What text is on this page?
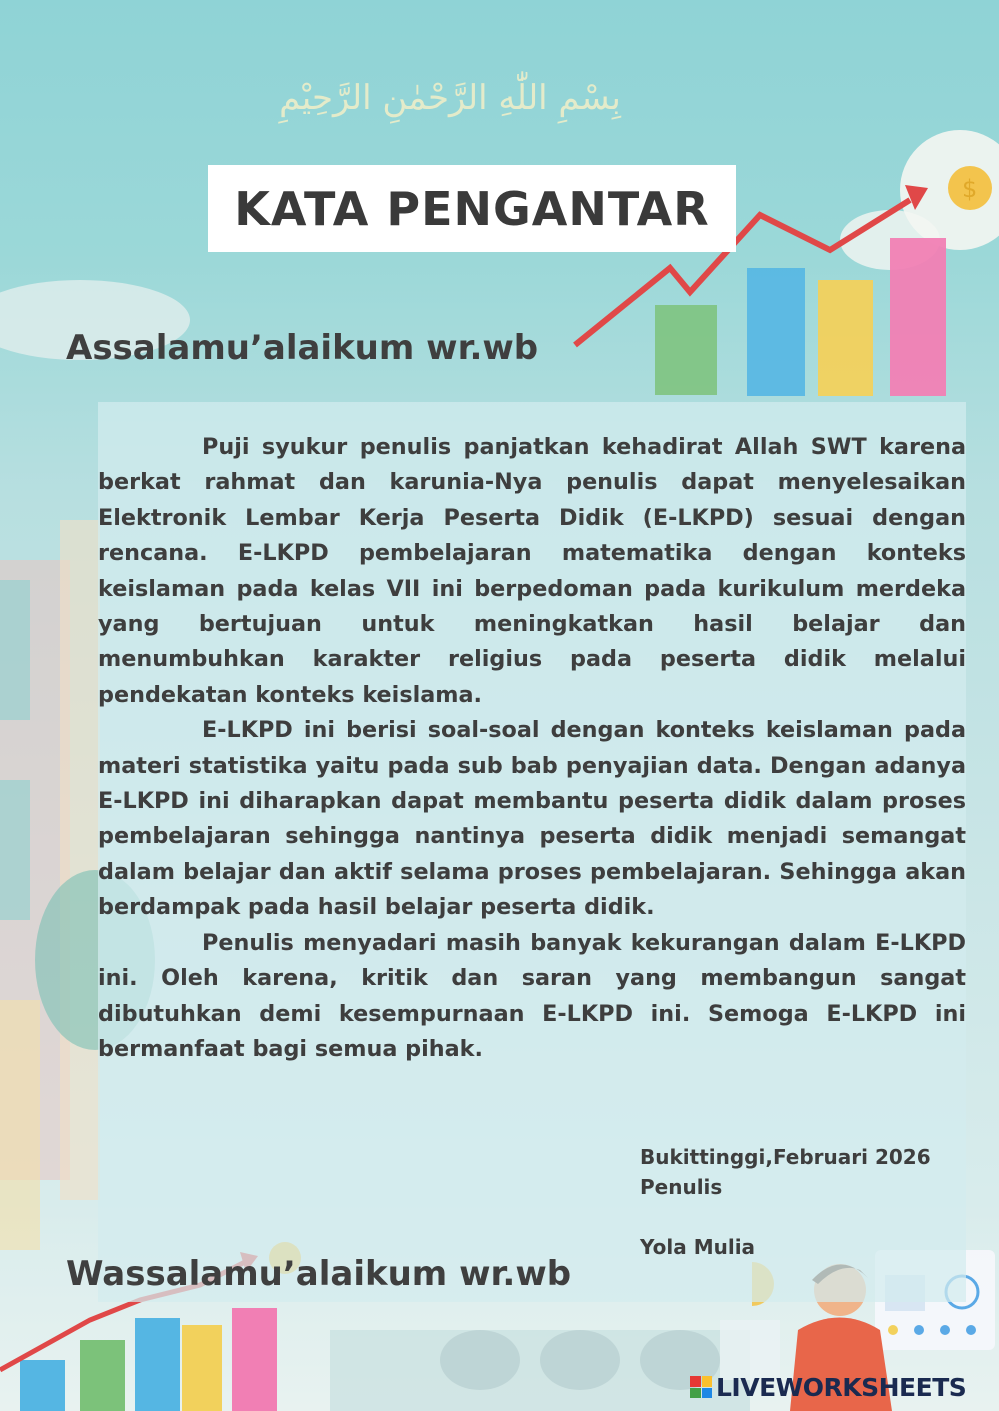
$
بِسْمِ اللّٰهِ الرَّحْمٰنِ الرَّحِيْمِ
KATA PENGANTAR
Assalamu’alaikum wr.wb

Puji syukur penulis panjatkan kehadirat Allah SWT karena berkat rahmat dan karunia-Nya penulis dapat menyelesaikan Elektronik Lembar Kerja Peserta Didik (E-LKPD) sesuai dengan rencana. E-LKPD pembelajaran matematika dengan konteks keislaman pada kelas VII ini berpedoman pada kurikulum merdeka yang bertujuan untuk meningkatkan hasil belajar dan menumbuhkan karakter religius pada peserta didik melalui pendekatan konteks keislama.

E-LKPD ini berisi soal-soal dengan konteks keislaman pada materi statistika yaitu pada sub bab penyajian data. Dengan adanya E-LKPD ini diharapkan dapat membantu peserta didik dalam proses pembelajaran sehingga nantinya peserta didik menjadi semangat dalam belajar dan aktif selama proses pembelajaran. Sehingga akan berdampak pada hasil belajar peserta didik.

Penulis menyadari masih banyak kekurangan dalam E-LKPD ini. Oleh karena, kritik dan saran yang membangun sangat dibutuhkan demi kesempurnaan E-LKPD ini. Semoga E-LKPD ini bermanfaat bagi semua pihak.

Bukittinggi,Februari 2026
Penulis
Yola Mulia
Wassalamu’alaikum wr.wb
LIVEWORKSHEETS
